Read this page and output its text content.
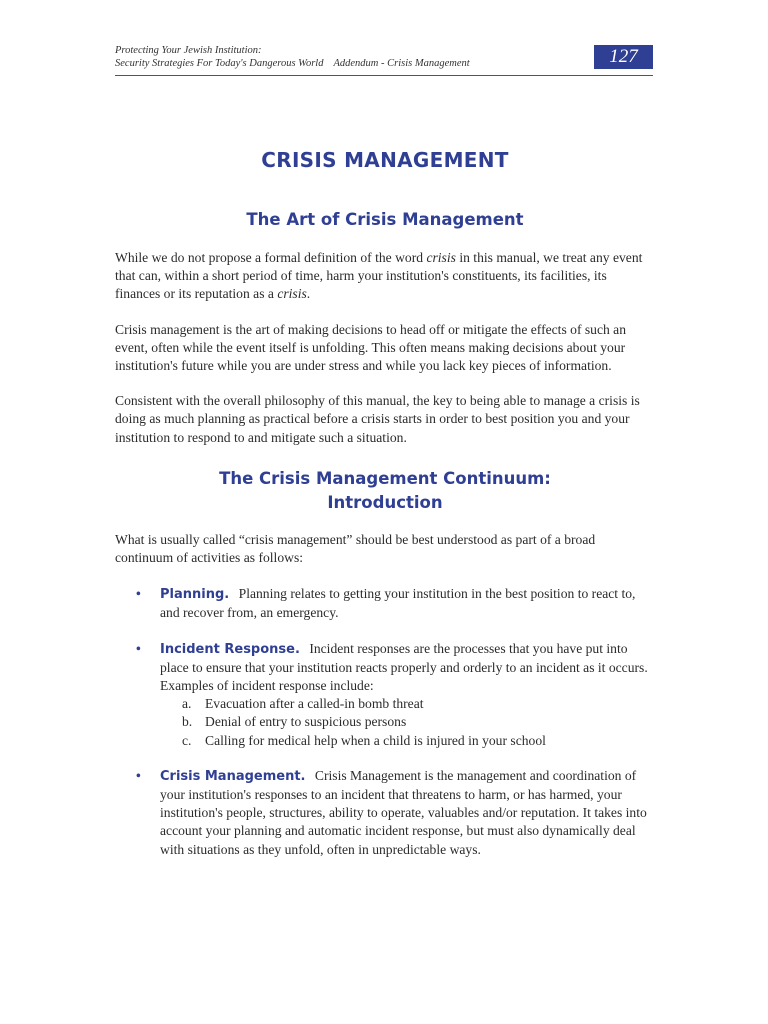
Protecting Your Jewish Institution:
Security Strategies For Today's Dangerous World Addendum - Crisis Management	127
CRISIS MANAGEMENT
The Art of Crisis Management

While we do not propose a formal definition of the word crisis in this manual, we treat any event that can, within a short period of time, harm your institution's constituents, its facilities, its finances or its reputation as a crisis.

Crisis management is the art of making decisions to head off or mitigate the effects of such an event, often while the event itself is unfolding. This often means making decisions about your institution's future while you are under stress and while you lack key pieces of information.

Consistent with the overall philosophy of this manual, the key to being able to manage a crisis is doing as much planning as practical before a crisis starts in order to best position you and your institution to respond to and mitigate such a situation.

The Crisis Management Continuum:
Introduction

What is usually called “crisis management” should be best understood as part of a broad continuum of activities as follows:

• Planning. Planning relates to getting your institution in the best position to react to, and recover from, an emergency.
• Incident Response. Incident responses are the processes that you have put into place to ensure that your institution reacts properly and orderly to an incident as it occurs. Examples of incident response include:
a. Evacuation after a called-in bomb threat
b. Denial of entry to suspicious persons
c. Calling for medical help when a child is injured in your school
• Crisis Management. Crisis Management is the management and coordination of your institution's responses to an incident that threatens to harm, or has harmed, your institution's people, structures, ability to operate, valuables and/or reputation. It takes into account your planning and automatic incident response, but must also dynamically deal with situations as they unfold, often in unpredictable ways.
